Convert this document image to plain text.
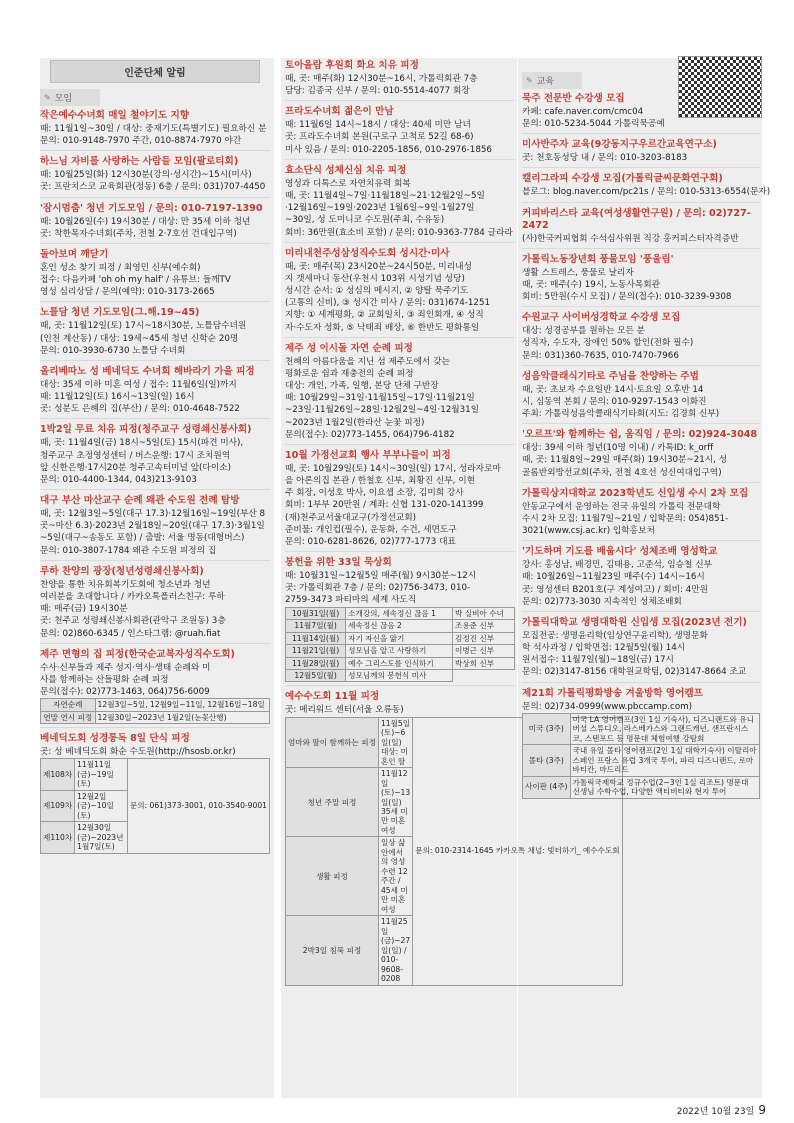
인준단체 알림
✎ 모임
작은예수수녀회 매일 철야기도 지향
때: 11월1일~30일 / 대상: 중재기도(특별기도) 필요하신 분
문의: 010-9148-7970 주간, 010-8874-7970 야간
하느님 자비를 사랑하는 사람들 모임(팔로티회)
때: 10월25일(화) 12시30분(강의·성시간)~15시(미사)
곳: 프란치스코 교육회관(정동) 6층 / 문의: 031)707-4450
'잠시멈춤' 청년 기도모임 / 문의: 010-7197-1390
때: 10월26일(수) 19시30분 / 대상: 만 35세 이하 청년
곳: 착한목자수녀회(주차, 전철 2·7호선 건대입구역)
돌아보며 깨닫기
혼인 성소 찾기 피정 / 최영민 신부(예수회)
접수: 다음카페 'oh oh my half' / 유튜브: 들깨TV
영성 심리상담 / 문의(예약): 010-3173-2665
노틀담 청년 기도모임(그.해.19~45)
때, 곳: 11월12일(토) 17시~18시30분, 노틀담수녀원
(인천 계산동) / 대상: 19세~45세 청년 신학순 20명
문의: 010-3930-6730 노틀담 수녀회
올리베따노 성 베네딕도 수녀회 해바라기 가을 피정
대상: 35세 이하 미혼 여성 / 접수: 11월6일(일)까지
때: 11월12일(토) 16시~13일(일) 16시
곳: 성분도 은혜의 집(부산) / 문의: 010-4648-7522
1박2일 무료 치유 피정(청주교구 성령쇄신봉사회)
때, 곳: 11월4일(금) 18시~5일(토) 15시(파견 미사),
청주교구 초정영성센터 / 버스운행: 17시 조치원역
앞 신한은행·17시20분 청주고속터미널 앞(다이소)
문의: 010-4400-1344, 043)213-9103
대구 부산 마산교구 순례 왜관 수도원 전례 탐방
때, 곳: 12월3일~5일(대구 17.3)·12월16일~19일(부산 8
곳~마산 6.3)·2023년 2월18일~20일(대구 17.3)·3월1일
~5일(대구~송동도 포함) / 출발: 서울 명동(대형버스)
문의: 010-3807-1784 왜관 수도원 피정의 집
루하 찬양의 광장(청년성령쇄신봉사회)
찬양을 통한 치유회복기도회에 청소년과 청년
여러분을 초대합니다 / 카카오톡플러스친구: 루하
때: 매주(금) 19시30분
곳: 천주교 성령쇄신봉사회관(관악구 조원동) 3층
문의: 02)860-6345 / 인스타그램: @ruah.fiat
제주 면형의 집 피정(한국순교복자성직수도회)
수사·신부들과 제주 성지·역사·생태 순례와 미
사를 함께하는 산들평화 순례 피정
문의(접수): 02)773-1463, 064)756-6009
자연순례	12월3일~5일, 12월9일~11일, 12월16일~18일
연말 연시 피정	12월30일~2023년 1월2일(눈꽃산행)
베네딕도회 성경통독 8일 단식 피정
곳: 성 베네딕도회 화순 수도원(http://hsosb.or.kr)
제108차	11월11일(금)~19일(토)	문의: 061)373-3001, 010-3540-9001
제109차	12월2일(금)~10일(토)	
제110차	12월30일(금)~2023년 1월7일(토)	
토아올람 후원회 화요 치유 피정
때, 곳: 매주(화) 12시30분~16시, 가톨릭회관 7층
담당: 김종국 신부 / 문의: 010-5514-4077 회장
프라도수녀회 젊은이 만남
때: 11월6일 14시~18시 / 대상: 40세 미만 남녀
곳: 프라도수녀회 본원(구로구 고척로 52길 68-6)
미사 있음 / 문의: 010-2205-1856, 010-2976-1856
효소단식 성체신심 치유 피정
영성과 디톡스로 자연치유력 회복
때, 곳: 11월4일~7일·11월18일~21·12월2일~5일
·12월16일~19일·2023년 1월6일~9일·1월27일
~30일, 성 도미니코 수도원(주최, 수유동)
회비: 36만원(효소비 포함) / 문의: 010-9363-7784 글라라
미리내천주성삼성직수도회 성시간·미사
때, 곳: 매주(목) 23시20분~24시50분, 미리내성
지 갯세마니 동산(우천시 103위 시성기념 성당)
성시간 순서: ① 성심의 메시지, ② 양탈 묵주기도
(고통의 신비), ③ 성시간 미사 / 문의: 031)674-1251
지향: ① 세계평화, ② 교회일치, ③ 죄인회개, ④ 성직
자·수도자 성화, ⑤ 낙태죄 배상, ⑥ 한반도 평화통일
제주 성 이시돌 자연 순례 피정
천혜의 아름다움을 지닌 섬 제주도에서 갖는
평화로운 쉼과 재충전의 순례 피정
대상: 개인, 가족, 일행, 본당 단체 구반장
때: 10월29일~31일·11월15일~17일·11월21일
~23일·11월26일~28일·12월2일~4일·12월31일
~2023년 1월2일(한라산 눈꽃 피정)
문의(접수): 02)773-1455, 064)796-4182
10월 가정선교회 행사 부부나들이 피정
때, 곳: 10월29일(토) 14시~30일(일) 17시, 성라자로마
을 아론의집 본관 / 한철호 신부, 최황진 신부, 이현
주 회장, 이성호 박사, 이요셉 소장, 김미희 강사
회비: 1부부 20만원 / 계좌: 신협 131-020-141399
(재)천주교서울대교구(가정선교회)
준비물: 개인컵(필수), 운동화, 수건, 세면도구
문의: 010-6281-8626, 02)777-1773 대표
봉헌을 위한 33일 묵상회
때: 10월31일~12월5일 매주(월) 9시30분~12시
곳: 가톨릭회관 7층 / 문의: 02)756-3473, 010-
2759-3473 파티마의 세계 사도직
10월31일(월)	소개강의, 세속정신 끊음 1	박 실비아 수녀
11월7일(월)	세속정신 끊음 2	조용준 신부
11월14일(월)	자기 자신을 앎기	김정진 신부
11월21일(월)	성모님을 알고 사랑하기	이병근 신부
11월28일(월)	예수 그리스도를 인식하기	박상희 신부
12월5일(월)	성모님께의 봉헌식 미사	
예수수도회 11월 피정
곳: 메리워드 센터(서울 오류동)
엄마와 딸이 함께하는 피정	11월5일(토)~6일(일) 대상: 미혼인 딸	문의: 010-2314-1645 카카오톡 채널: 빛터하기_ 예수수도회
청년 주말 피정	11월12일(토)~13일(일) 35세 미만 미혼 여성	
생활 피정	일상 삶 안에서의 영성수련 12주간 / 45세 미만 미혼 여성	
2박3일 침묵 피정	11월25일(금)~27일(일) / 010-9608-0208	
✎ 교육
묵주 전문반 수강생 모집
카페: cafe.naver.com/cmc04
문의: 010-5234-5044 가톨릭묵공예
미사반주자 교육(9강동지구우르간교육연구소)
곳: 천호동성당 내 / 문의: 010-3203-8183
캘리그라피 수강생 모집(가톨릭글씨문화연구회)
블로그: blog.naver.com/pc21s / 문의: 010-5313-6554(문자)
커피바리스타 교육(여성생활연구원) / 문의: 02)727-2472
(사)한국커피협회 수석심사위원 직강 홍커피스터자격증반
가톨릭노동장년회 풍물모임 '풍울림'
생활 스트레스, 풍물로 날리자
때, 곳: 매주(수) 19시, 노동사목회관
회비: 5만원(수시 모집) / 문의(접수): 010-3239-9308
수원교구 사이버성경학교 수강생 모집
대상: 성경공부를 원하는 모든 분
성직자, 수도자, 장애인 50% 할인(전화 필수)
문의: 031)360-7635, 010-7470-7966
성음악클래식기타로 주님을 찬양하는 주법
때, 곳: 초보자 수요일반 14시·토요일 오후반 14
시, 심동역 본회 / 문의: 010-9297-1543 이화진
주최: 가톨릭성음악클래식기타회(지도: 김경희 신부)
'오르프'와 함께하는 쉼, 움직임 / 문의: 02)924-3048
대상: 39세 이하 청년(10명 이내) / 카톡ID: k_orff
때, 곳: 11월8일~29일 매주(화) 19시30분~21시, 성
골롬반외방선교회(주차, 전철 4호선 성신여대입구역)
가톨릭상지대학교 2023학년도 신입생 수시 2차 모집
안동교구에서 운영하는 전국 유일의 가톨릭 전문대학
수시 2차 모집: 11월7일~21일 / 입학문의: 054)851-
3021(www.csj.ac.kr) 입학홍보처
'기도하며 기도를 배웁시다' 성체조배 영성학교
강사: 홍성남, 배경민, 김태용, 고준석, 임승철 신부
때: 10월26일~11월23일 매주(수) 14시~16시
곳: 영성센터 B201호(구 계성여고) / 회비: 4만원
문의: 02)773-3030 지속적인 성체조배회
가톨릭대학교 생명대학원 신입생 모집(2023년 전기)
모집전공: 생명윤리학(임상연구윤리학), 생명문화
학 석사과정 / 입학면접: 12월5일(월) 14시
원서접수: 11월7일(월)~18일(금) 17시
문의: 02)3147-8156 대학원교학팀, 02)3147-8664 조교
제21회 가톨릭평화방송 겨울방학 영어캠프
문의: 02)734-0999(www.pbccamp.com)
미국 (3주)	미국 LA 영어캠프(3인 1실 기숙사), 디즈니랜드와 유니버셜 스튜디오, 라스베가스와 그랜드캐년, 샌프란시스코, 스탠포드 등 명문대 체험여행 강탐회
몰타 (3주)	국내 유일 몰타 영어캠프(2인 1실 대학기숙사) 이탈리아 스페인 프랑스 유럽 3개국 투어, 파리 디즈니랜드, 로마 바티칸, 마드리드
사이판 (4주)	가톨릭국제학교 정규수업(2~3인 1실 리조트) 명문대 선생님 수학수업, 다양한 액티비티와 현지 투어
2022년 10월 23일 9
